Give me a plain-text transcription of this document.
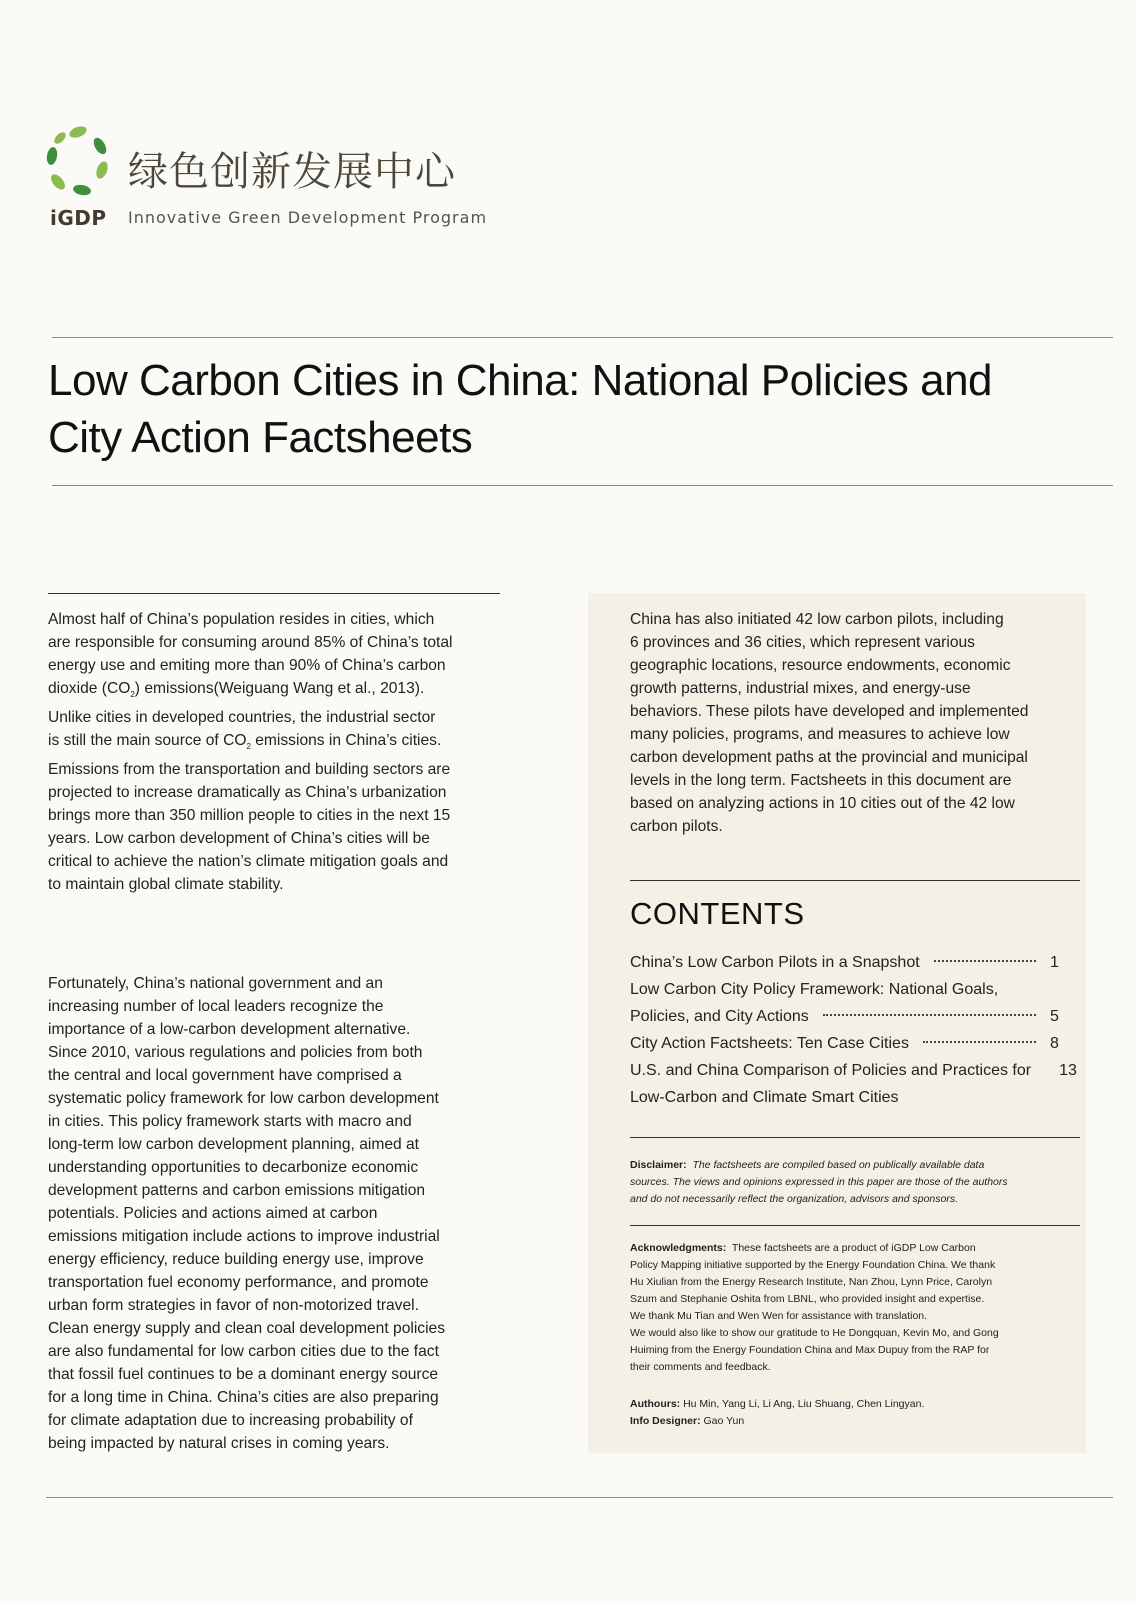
绿色创新发展中心
iGDP Innovative Green Development Program
Low Carbon Cities in China: National Policies and
City Action Factsheets

Almost half of China’s population resides in cities, which
are responsible for consuming around 85% of China’s total
energy use and emiting more than 90% of China’s carbon
dioxide $(CO_2)$ emissions(Weiguang Wang et al., 2013).
Unlike cities in developed countries, the industrial sector
is still the main source of $CO_2$ emissions in China’s cities.
Emissions from the transportation and building sectors are
projected to increase dramatically as China’s urbanization
brings more than 350 million people to cities in the next 15
years. Low carbon development of China’s cities will be
critical to achieve the nation’s climate mitigation goals and
to maintain global climate stability.

Fortunately, China’s national government and an
increasing number of local leaders recognize the
importance of a low-carbon development alternative.
Since 2010, various regulations and policies from both
the central and local government have comprised a
systematic policy framework for low carbon development
in cities. This policy framework starts with macro and
long-term low carbon development planning, aimed at
understanding opportunities to decarbonize economic
development patterns and carbon emissions mitigation
potentials. Policies and actions aimed at carbon
emissions mitigation include actions to improve industrial
energy efficiency, reduce building energy use, improve
transportation fuel economy performance, and promote
urban form strategies in favor of non-motorized travel.
Clean energy supply and clean coal development policies
are also fundamental for low carbon cities due to the fact
that fossil fuel continues to be a dominant energy source
for a long time in China. China’s cities are also preparing
for climate adaptation due to increasing probability of
being impacted by natural crises in coming years.

China has also initiated 42 low carbon pilots, including
6 provinces and 36 cities, which represent various
geographic locations, resource endowments, economic
growth patterns, industrial mixes, and energy-use
behaviors. These pilots have developed and implemented
many policies, programs, and measures to achieve low
carbon development paths at the provincial and municipal
levels in the long term. Factsheets in this document are
based on analyzing actions in 10 cities out of the 42 low
carbon pilots.

CONTENTS
China’s Low Carbon Pilots in a Snapshot	1
Low Carbon City Policy Framework: National Goals,
Policies, and City Actions	5
City Action Factsheets: Ten Case Cities	8
U.S. and China Comparison of Policies and Practices for 13
Low-Carbon and Climate Smart Cities

Disclaimer: The factsheets are compiled based on publically available data
sources. The views and opinions expressed in this paper are those of the authors
and do not necessarily reflect the organization, advisors and sponsors.

Acknowledgments: These factsheets are a product of iGDP Low Carbon
Policy Mapping initiative supported by the Energy Foundation China. We thank
Hu Xiulian from the Energy Research Institute, Nan Zhou, Lynn Price, Carolyn
Szum and Stephanie Oshita from LBNL, who provided insight and expertise.
We thank Mu Tian and Wen Wen for assistance with translation.
We would also like to show our gratitude to He Dongquan, Kevin Mo, and Gong
Huiming from the Energy Foundation China and Max Dupuy from the RAP for
their comments and feedback.

Authours: Hu Min, Yang Li, Li Ang, Liu Shuang, Chen Lingyan.
Info Designer: Gao Yun
